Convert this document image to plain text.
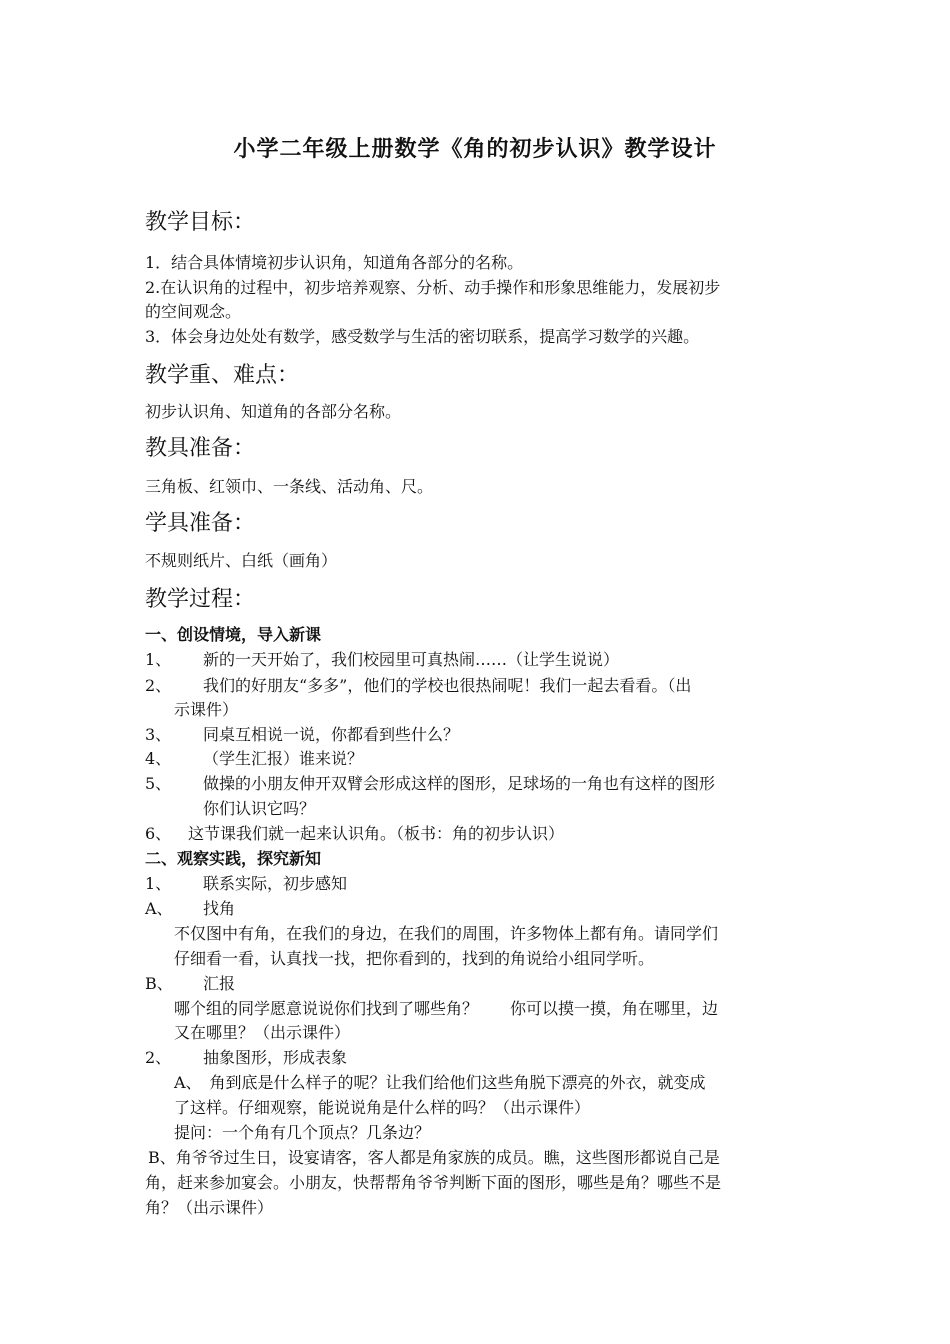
小学二年级上册数学《角的初步认识》教学设计
教学目标：
1．结合具体情境初步认识角，知道角各部分的名称。
2.在认识角的过程中，初步培养观察、分析、动手操作和形象思维能力，发展初步
的空间观念。
3．体会身边处处有数学，感受数学与生活的密切联系，提高学习数学的兴趣。
教学重、难点：
初步认识角、知道角的各部分名称。
教具准备：
三角板、红领巾、一条线、活动角、尺。
学具准备：
不规则纸片、白纸（画角）
教学过程：
一、创设情境，导入新课
1、 新的一天开始了，我们校园里可真热闹……（让学生说说）
2、 我们的好朋友“多多”，他们的学校也很热闹呢！我们一起去看看。（出
示课件）
3、 同桌互相说一说，你都看到些什么？
4、 （学生汇报）谁来说？
5、 做操的小朋友伸开双臂会形成这样的图形，足球场的一角也有这样的图形
你们认识它吗？
6、 这节课我们就一起来认识角。（板书：角的初步认识）
二、观察实践，探究新知
1、 联系实际，初步感知
A、 找角
不仅图中有角，在我们的身边，在我们的周围，许多物体上都有角。请同学们
仔细看一看，认真找一找，把你看到的，找到的角说给小组同学听。
B、 汇报
哪个组的同学愿意说说你们找到了哪些角？　　你可以摸一摸，角在哪里，边
又在哪里？（出示课件）
2、 抽象图形，形成表象
A、　角到底是什么样子的呢？让我们给他们这些角脱下漂亮的外衣，就变成
了这样。仔细观察，能说说角是什么样的吗？（出示课件）
提问：一个角有几个顶点？几条边？
B、角爷爷过生日，设宴请客，客人都是角家族的成员。瞧，这些图形都说自己是
角，赶来参加宴会。小朋友，快帮帮角爷爷判断下面的图形，哪些是角？哪些不是
角？（出示课件）
